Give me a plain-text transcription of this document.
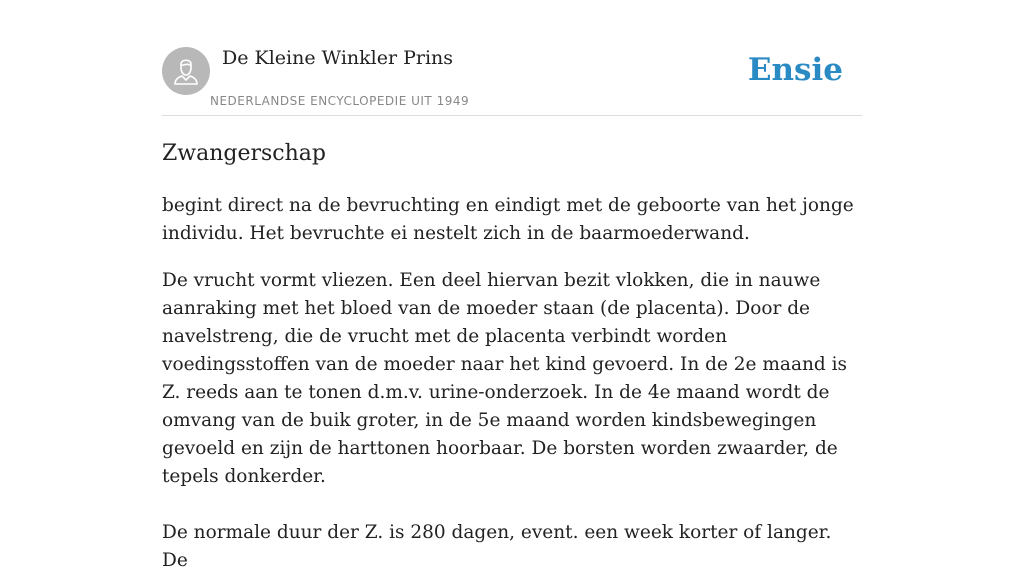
De Kleine Winkler Prins
NEDERLANDSE ENCYCLOPEDIE UIT 1949
Ensie
Zwangerschap

begint direct na de bevruchting en eindigt met de geboorte van het jonge individu. Het bevruchte ei nestelt zich in de baarmoederwand.

De vrucht vormt vliezen. Een deel hiervan bezit vlokken, die in nauwe aanraking met het bloed van de moeder staan (de placenta). Door de navelstreng, die de vrucht met de placenta verbindt worden voedingsstoffen van de moeder naar het kind gevoerd. In de 2e maand is Z. reeds aan te tonen d.m.v. urine-onderzoek. In de 4e maand wordt de omvang van de buik groter, in de 5e maand worden kindsbewegingen gevoeld en zijn de harttonen hoorbaar. De borsten worden zwaarder, de tepels donkerder.

De normale duur der Z. is 280 dagen, event. een week korter of langer. De
